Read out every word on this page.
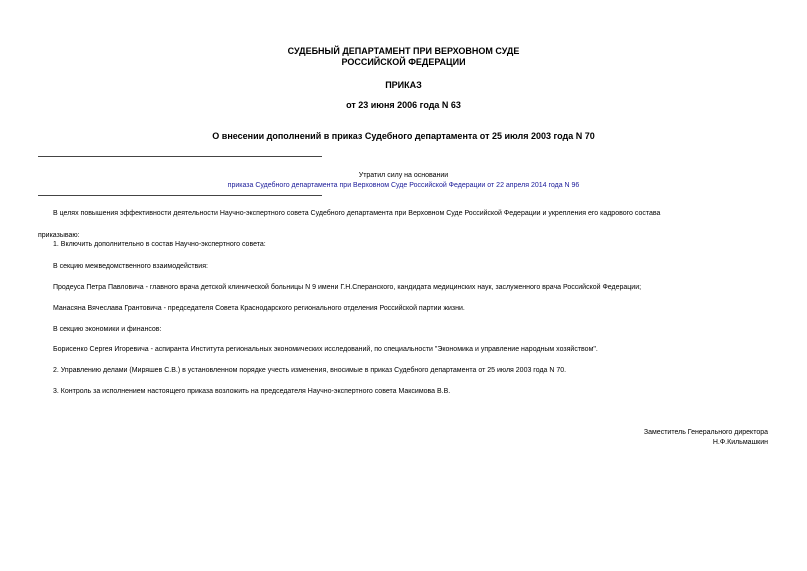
СУДЕБНЫЙ ДЕПАРТАМЕНТ ПРИ ВЕРХОВНОМ СУДЕ
РОССИЙСКОЙ ФЕДЕРАЦИИ
ПРИКАЗ
от 23 июня 2006 года N 63
О внесении дополнений в приказ Судебного департамента от 25 июля 2003 года N 70
Утратил силу на основании
приказа Судебного департамента при Верховном Суде Российской Федерации от 22 апреля 2014 года N 96
В целях повышения эффективности деятельности Научно-экспертного совета Судебного департамента при Верховном Суде Российской Федерации и укрепления его кадрового состава
приказываю:
1. Включить дополнительно в состав Научно-экспертного совета:
В секцию межведомственного взаимодействия:
Продеуса Петра Павловича - главного врача детской клинической больницы N 9 имени Г.Н.Сперанского, кандидата медицинских наук, заслуженного врача Российской Федерации;
Манасяна Вячеслава Грантовича - председателя Совета Краснодарского регионального отделения Российской партии жизни.
В секцию экономики и финансов:
Борисенко Сергея Игоревича - аспиранта Института региональных экономических исследований, по специальности "Экономика и управление народным хозяйством".
2. Управлению делами (Миряшев С.В.) в установленном порядке учесть изменения, вносимые в приказ Судебного департамента от 25 июля 2003 года N 70.
3. Контроль за исполнением настоящего приказа возложить на председателя Научно-экспертного совета Максимова В.В.
Заместитель Генерального директора
Н.Ф.Кильмашкин
